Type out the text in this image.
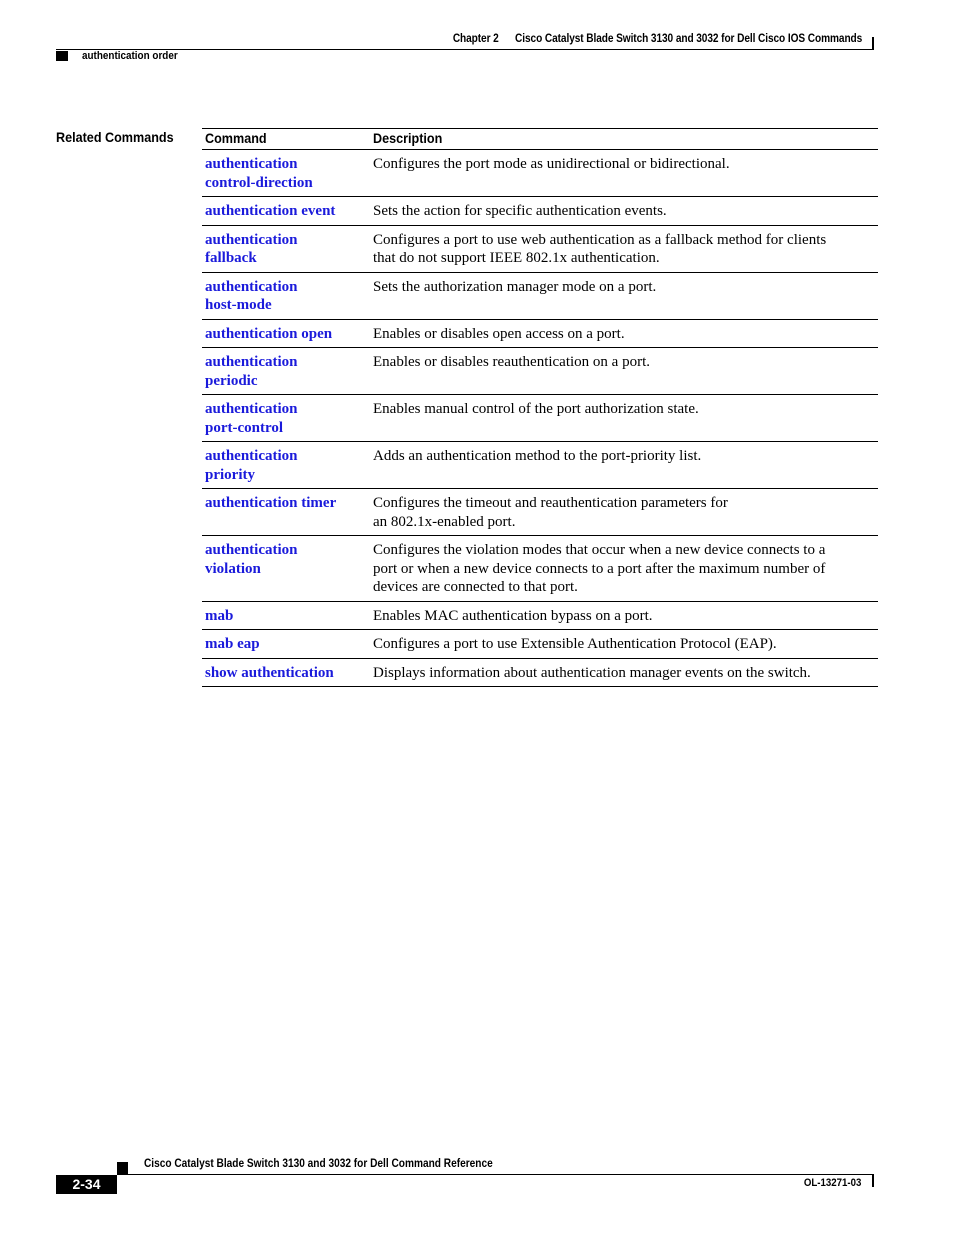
Chapter 2      Cisco Catalyst Blade Switch 3130 and 3032 for Dell Cisco IOS Commands
authentication order
Related Commands Command	Description
authentication
control-direction	Configures the port mode as unidirectional or bidirectional.
authentication event	Sets the action for specific authentication events.
authentication
fallback	Configures a port to use web authentication as a fallback method for clients
that do not support IEEE 802.1x authentication.
authentication
host-mode	Sets the authorization manager mode on a port.
authentication open	Enables or disables open access on a port.
authentication
periodic	Enables or disables reauthentication on a port.
authentication
port-control	Enables manual control of the port authorization state.
authentication
priority	Adds an authentication method to the port-priority list.
authentication timer	Configures the timeout and reauthentication parameters for
an 802.1x-enabled port.
authentication
violation	Configures the violation modes that occur when a new device connects to a
port or when a new device connects to a port after the maximum number of
devices are connected to that port.
mab	Enables MAC authentication bypass on a port.
mab eap	Configures a port to use Extensible Authentication Protocol (EAP).
show authentication	Displays information about authentication manager events on the switch.
Cisco Catalyst Blade Switch 3130 and 3032 for Dell Command Reference
2-34	OL-13271-03
